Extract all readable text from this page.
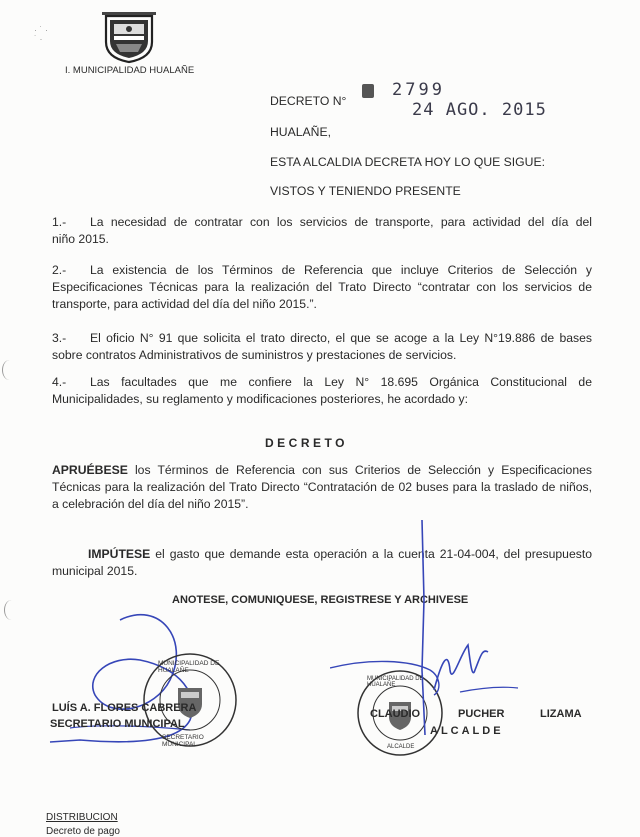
· ˙ ·
˙ ·
I. MUNICIPALIDAD HUALAÑE
DECRETO N°
2799
24 AGO. 2015
HUALAÑE,
ESTA ALCALDIA DECRETA HOY LO QUE SIGUE:
VISTOS Y TENIENDO PRESENTE
1.-	La necesidad de contratar con los servicios de transporte, para actividad del día del
niño 2015.
2.-	La existencia de los Términos de Referencia que incluye Criterios de Selección y
Especificaciones Técnicas para la realización del Trato Directo “contratar con los servicios de transporte, para actividad del día del niño 2015.”.
3.-	El oficio N° 91 que solicita el trato directo, el que se acoge a la Ley N°19.886 de bases
sobre contratos Administrativos de suministros y prestaciones de servicios.
4.-	Las facultades que me confiere la Ley N° 18.695 Orgánica Constitucional de
Municipalidades, su reglamento y modificaciones posteriores, he acordado y:
DECRETO
APRUÉBESE los Términos de Referencia con sus Criterios de Selección y Especificaciones Técnicas para la realización del Trato Directo “Contratación de 02 buses para la traslado de niños, a celebración del día del niño 2015”.
IMPÚTESE el gasto que demande esta operación a la cuenta 21-04-004, del presupuesto municipal 2015.
ANOTESE, COMUNIQUESE, REGISTRESE Y ARCHIVESE
MUNICIPALIDAD DE HUALAÑE
SECRETARIO MUNICIPAL
LUÍS A. FLORES CABRERA
SECRETARIO MUNICIPAL
MUNICIPALIDAD DE HUALAÑE
ALCALDE
CLAUDIO	PUCHER	LIZAMA
ALCALDE
DISTRIBUCION
Decreto de pago
